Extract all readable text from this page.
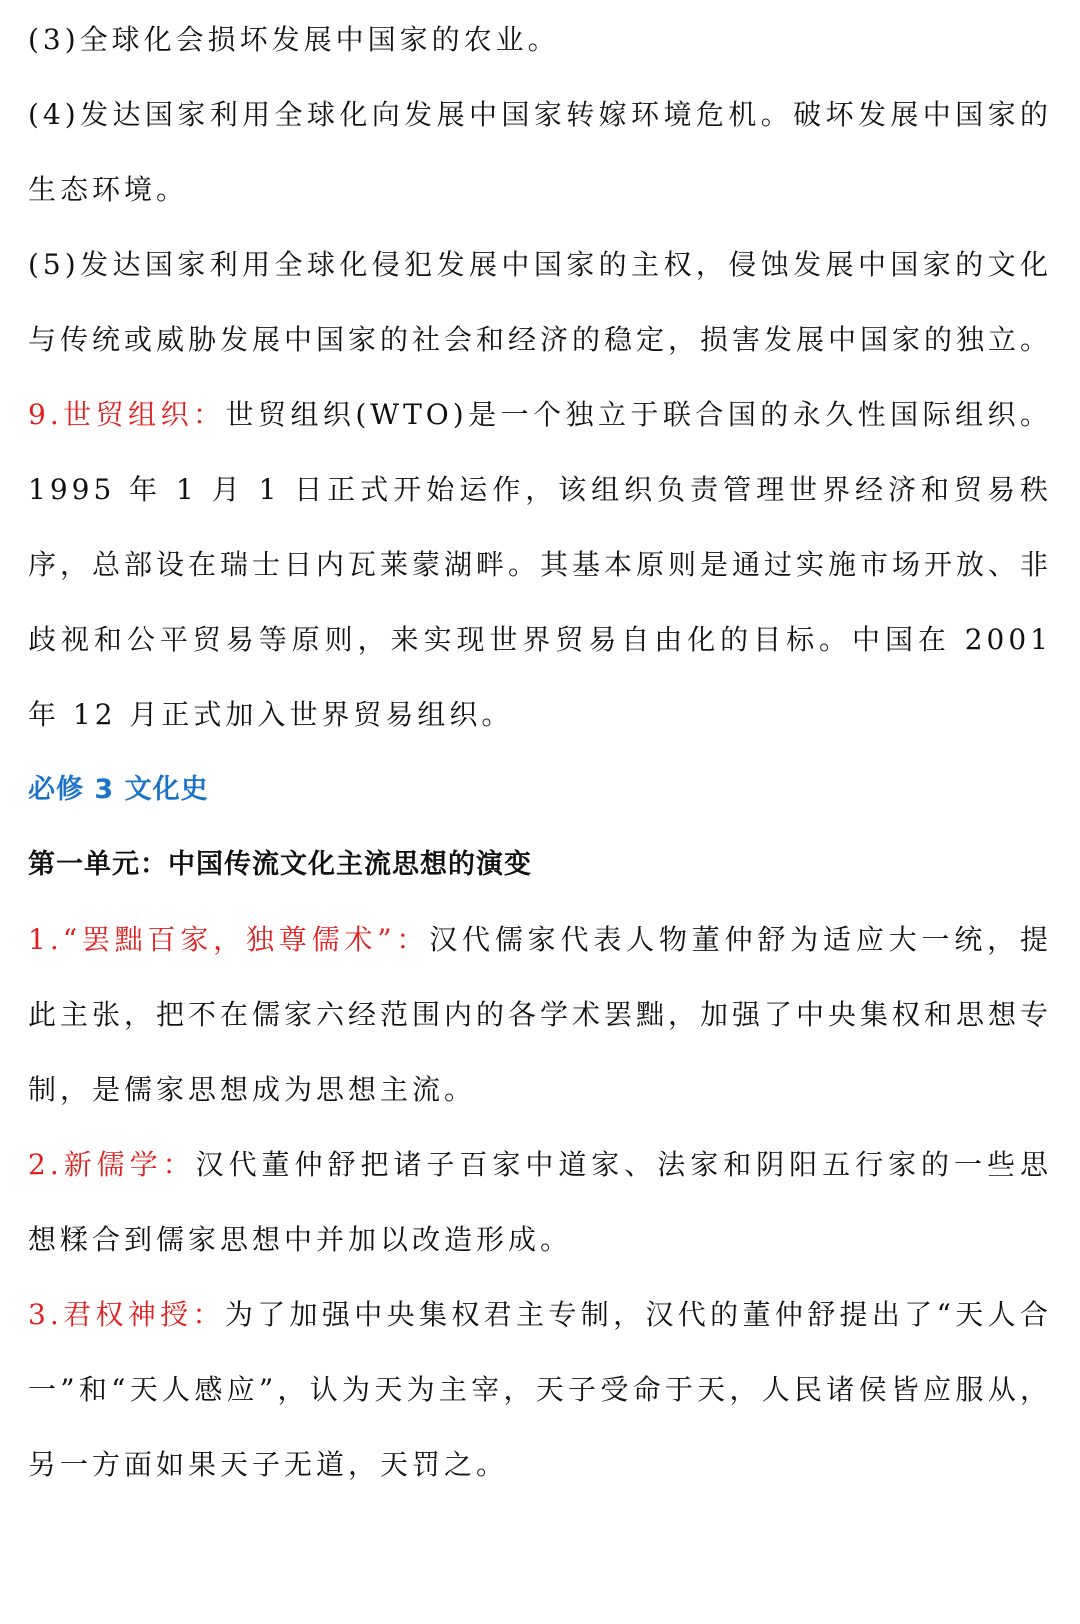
(3)全球化会损坏发展中国家的农业。

(4)发达国家利用全球化向发展中国家转嫁环境危机。破坏发展中国家的生态环境。

(5)发达国家利用全球化侵犯发展中国家的主权，侵蚀发展中国家的文化与传统或威胁发展中国家的社会和经济的稳定，损害发展中国家的独立。

9.世贸组织：世贸组织(WTO)是一个独立于联合国的永久性国际组织。1995 年 1 月 1 日正式开始运作，该组织负责管理世界经济和贸易秩序，总部设在瑞士日内瓦莱蒙湖畔。其基本原则是通过实施市场开放、非歧视和公平贸易等原则，来实现世界贸易自由化的目标。中国在 2001 年 12 月正式加入世界贸易组织。

必修 3 文化史
第一单元：中国传流文化主流思想的演变

1.“罢黜百家，独尊儒术”：汉代儒家代表人物董仲舒为适应大一统，提此主张，把不在儒家六经范围内的各学术罢黜，加强了中央集权和思想专制，是儒家思想成为思想主流。

2.新儒学：汉代董仲舒把诸子百家中道家、法家和阴阳五行家的一些思想糅合到儒家思想中并加以改造形成。

3.君权神授：为了加强中央集权君主专制，汉代的董仲舒提出了“天人合一”和“天人感应”，认为天为主宰，天子受命于天，人民诸侯皆应服从，另一方面如果天子无道，天罚之。
